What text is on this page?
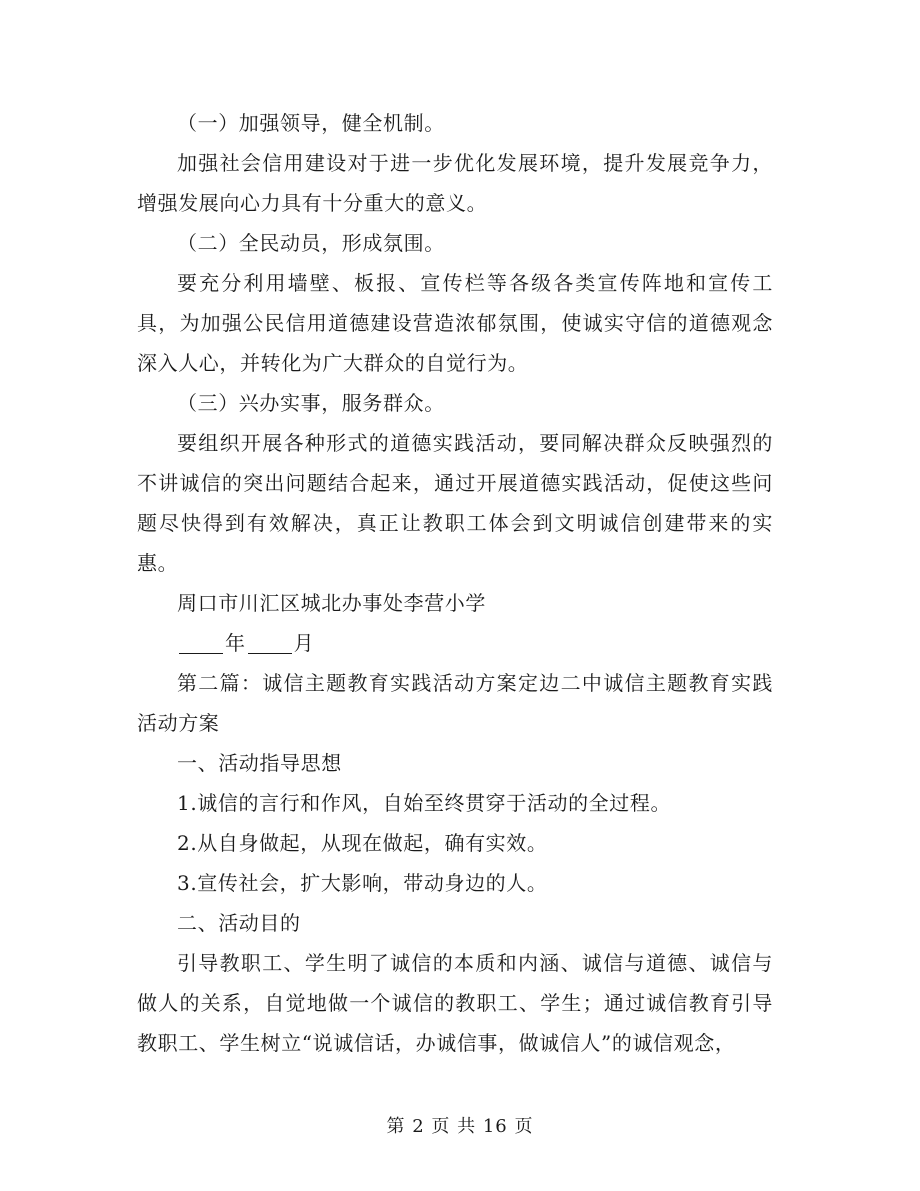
（一）加强领导，健全机制。

加强社会信用建设对于进一步优化发展环境，提升发展竞争力，增强发展向心力具有十分重大的意义。

（二）全民动员，形成氛围。

要充分利用墙壁、板报、宣传栏等各级各类宣传阵地和宣传工具，为加强公民信用道德建设营造浓郁氛围，使诚实守信的道德观念深入人心，并转化为广大群众的自觉行为。

（三）兴办实事，服务群众。

要组织开展各种形式的道德实践活动，要同解决群众反映强烈的不讲诚信的突出问题结合起来，通过开展道德实践活动，促使这些问题尽快得到有效解决，真正让教职工体会到文明诚信创建带来的实惠。

周口市川汇区城北办事处李营小学

年 月

第二篇：诚信主题教育实践活动方案定边二中诚信主题教育实践活动方案

一、活动指导思想

1.诚信的言行和作风，自始至终贯穿于活动的全过程。

2.从自身做起，从现在做起，确有实效。

3.宣传社会，扩大影响，带动身边的人。

二、活动目的

引导教职工、学生明了诚信的本质和内涵、诚信与道德、诚信与做人的关系，自觉地做一个诚信的教职工、学生；通过诚信教育引导教职工、学生树立“说诚信话，办诚信事，做诚信人”的诚信观念，

第 2 页 共 16 页
